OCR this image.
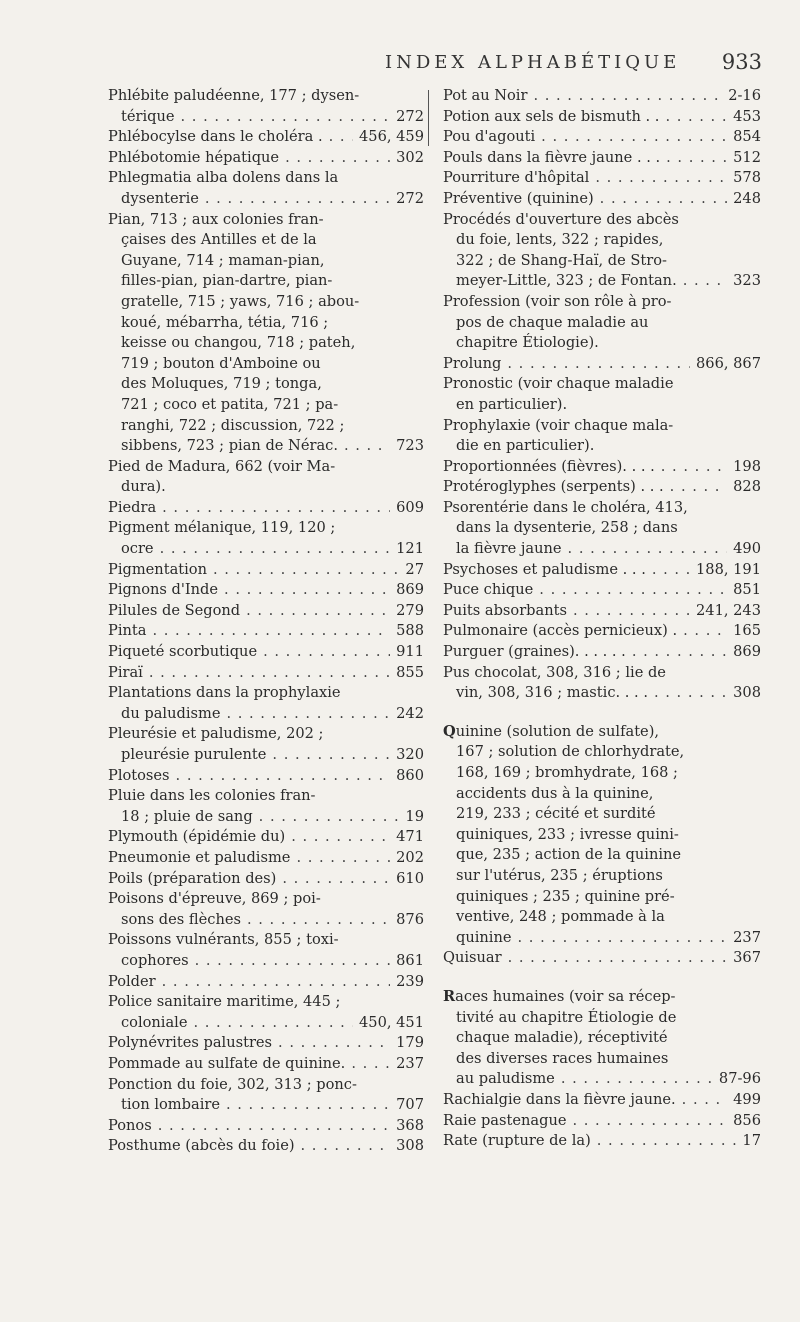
INDEX ALPHABÉTIQUE 933
Phlébite paludéenne, 177 ; dysen-
térique . . .	272
Phlébocylse dans le choléra . . . . 456, 459
Phlébotomie hépatique . . .	302
Phlegmatia alba dolens dans la
dysenterie . . .	272
Pian, 713 ; aux colonies fran-
çaises des Antilles et de la
Guyane, 714 ; maman-pian,
filles-pian, pian-dartre, pian-
gratelle, 715 ; yaws, 716 ; abou-
koué, mébarrha, tétia, 716 ;
keisse ou changou, 718 ; pateh,
719 ; bouton d'Amboine ou
des Moluques, 719 ; tonga,
721 ; coco et patita, 721 ; pa-
ranghi, 722 ; discussion, 722 ;
sibbens, 723 ; pian de Nérac. . . .	723
Pied de Madura, 662 (voir Ma-
dura).
Piedra . . .	609
Pigment mélanique, 119, 120 ;
ocre . . .	121
Pigmentation . . .	27
Pignons d'Inde . . .	869
Pilules de Segond . . .	279
Pinta . . .	588
Piqueté scorbutique . . .	911
Piraï . . .	855
Plantations dans la prophylaxie
du paludisme . . .	242
Pleurésie et paludisme, 202 ;
pleurésie purulente . . .	320
Plotoses . . .	860
Pluie dans les colonies fran-
18 ; pluie de sang . . .	19
Plymouth (épidémie du) . . .	471
Pneumonie et paludisme . . .	202
Poils (préparation des) . . .	610
Poisons d'épreuve, 869 ; poi-
sons des flèches . . .	876
Poissons vulnérants, 855 ; toxi-
cophores . . .	861
Polder . . .	239
Police sanitaire maritime, 445 ;
coloniale . . .	450, 451
Polynévrites palustres . . .	179
Pommade au sulfate de quinine. . . .	237
Ponction du foie, 302, 313 ; ponc-
tion lombaire . . .	707
Ponos . . .	368
Posthume (abcès du foie) . . .	308
Pot au Noir . . .	2-16
Potion aux sels de bismuth . . . . .	453
Pou d'agouti . . .	854
Pouls dans la fièvre jaune . . . . . .	512
Pourriture d'hôpital . . .	578
Préventive (quinine) . . .	248
Procédés d'ouverture des abcès
du foie, lents, 322 ; rapides,
322 ; de Shang-Haï, de Stro-
meyer-Little, 323 ; de Fontan. . . .	323
Profession (voir son rôle à pro-
pos de chaque maladie au
chapitre Étiologie).
Prolung . . .	866, 867
Pronostic (voir chaque maladie
en particulier).
Prophylaxie (voir chaque mala-
die en particulier).
Proportionnées (fièvres). . . . . . .	198
Protéroglyphes (serpents) . . . . . .	828
Psorentérie dans le choléra, 413,
dans la dysenterie, 258 ; dans
la fièvre jaune . . .	490
Psychoses et paludisme . . . . . .	188, 191
Puce chique . . .	851
Puits absorbants . . .	241, 243
Pulmonaire (accès pernicieux) . . . .	165
Purguer (graines). . . . . . . . .	869
Pus chocolat, 308, 316 ; lie de
vin, 308, 316 ; mastic. . . . . . .	308
Quinine (solution de sulfate),
167 ; solution de chlorhydrate,
168, 169 ; bromhydrate, 168 ;
accidents dus à la quinine,
219, 233 ; cécité et surdité
quiniques, 233 ; ivresse quini-
que, 235 ; action de la quinine
sur l'utérus, 235 ; éruptions
quiniques ; 235 ; quinine pré-
ventive, 248 ; pommade à la
quinine . . .	237
Quisuar . . .	367
Races humaines (voir sa récep-
tivité au chapitre Étiologie de
chaque maladie), réceptivité
des diverses races humaines
au paludisme . . .	87-96
Rachialgie dans la fièvre jaune. . . .	499
Raie pastenague . . .	856
Rate (rupture de la) . . .	17
